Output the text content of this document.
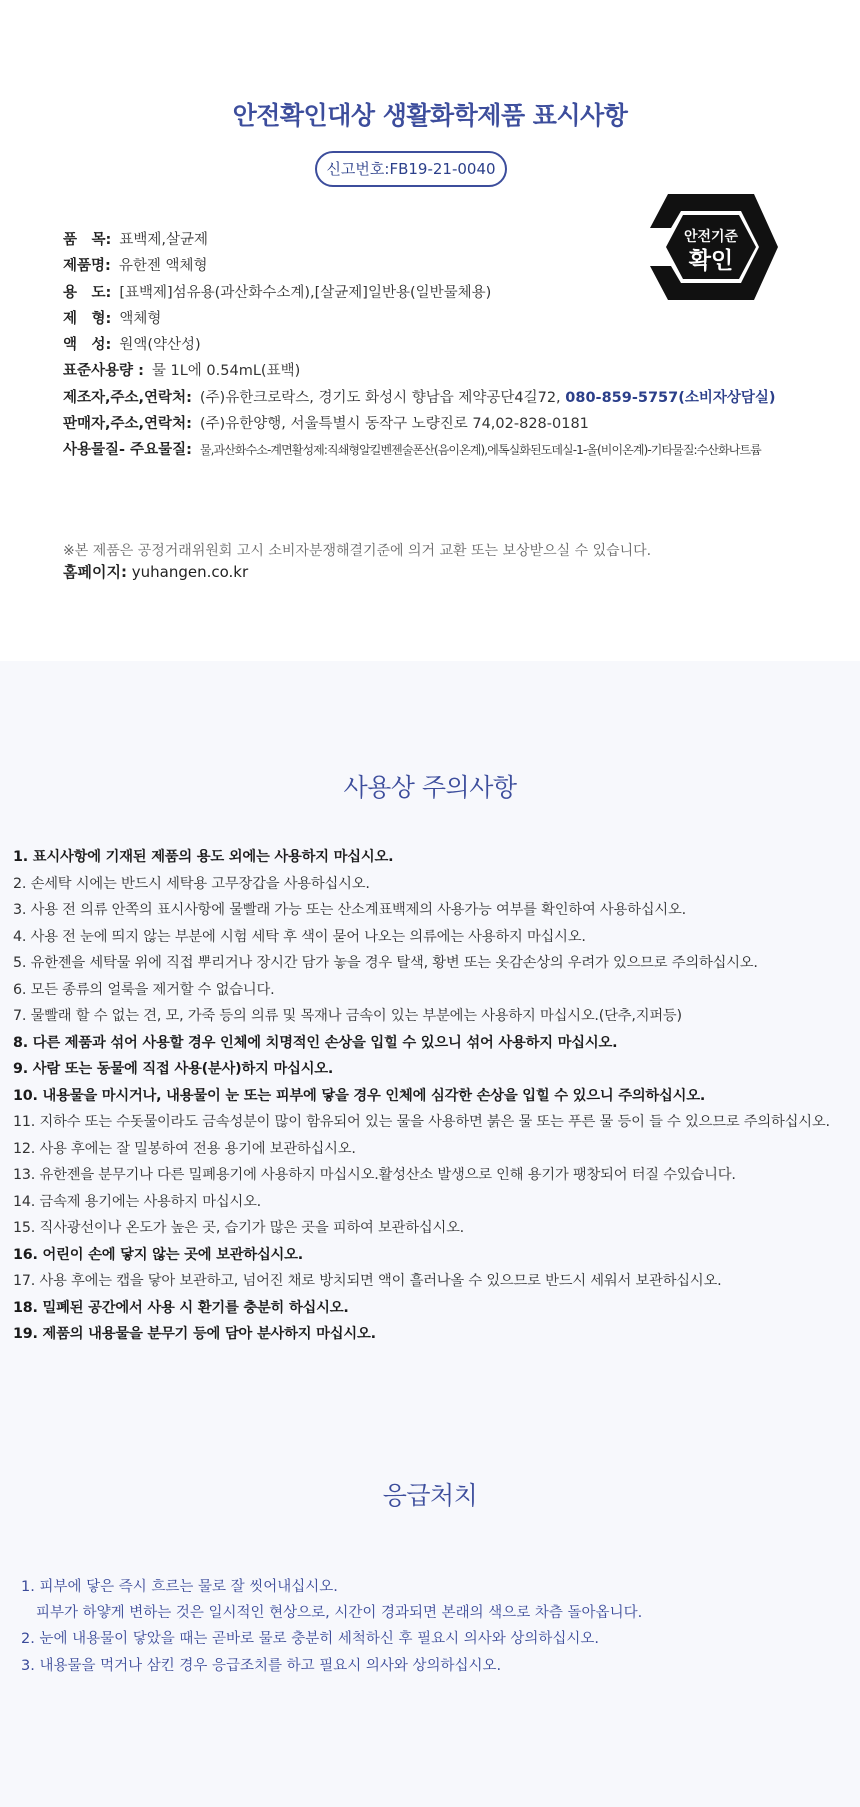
안전확인대상 생활화학제품 표시사항
신고번호:FB19-21-0040
안전기준
확인
품　목: 표백제,살균제
제품명: 유한젠 액체형
용　도: [표백제]섬유용(과산화수소계),[살균제]일반용(일반물체용)
제　형: 액체형
액　성: 원액(약산성)
표준사용량 : 물 1L에 0.54mL(표백)
제조자,주소,연락처: (주)유한크로락스, 경기도 화성시 향남읍 제약공단4길72, 080-859-5757(소비자상담실)
판매자,주소,연락처: (주)유한양행, 서울특별시 동작구 노량진로 74,02-828-0181
사용물질- 주요물질: 물,과산화수소-계면활성제:직쇄형알킬벤젠술폰산(음이온계),에톡실화된도데실-1-올(비이온계)-기타물질:수산화나트륨
※본 제품은 공정거래위원회 고시 소비자분쟁해결기준에 의거 교환 또는 보상받으실 수 있습니다.
홈페이지: yuhangen.co.kr
사용상 주의사항
1. 표시사항에 기재된 제품의 용도 외에는 사용하지 마십시오.
2. 손세탁 시에는 반드시 세탁용 고무장갑을 사용하십시오.
3. 사용 전 의류 안쪽의 표시사항에 물빨래 가능 또는 산소계표백제의 사용가능 여부를 확인하여 사용하십시오.
4. 사용 전 눈에 띄지 않는 부분에 시험 세탁 후 색이 묻어 나오는 의류에는 사용하지 마십시오.
5. 유한젠을 세탁물 위에 직접 뿌리거나 장시간 담가 놓을 경우 탈색, 황변 또는 옷감손상의 우려가 있으므로 주의하십시오.
6. 모든 종류의 얼룩을 제거할 수 없습니다.
7. 물빨래 할 수 없는 견, 모, 가죽 등의 의류 및 목재나 금속이 있는 부분에는 사용하지 마십시오.(단추,지퍼등)
8. 다른 제품과 섞어 사용할 경우 인체에 치명적인 손상을 입힐 수 있으니 섞어 사용하지 마십시오.
9. 사람 또는 동물에 직접 사용(분사)하지 마십시오.
10. 내용물을 마시거나, 내용물이 눈 또는 피부에 닿을 경우 인체에 심각한 손상을 입힐 수 있으니 주의하십시오.
11. 지하수 또는 수돗물이라도 금속성분이 많이 함유되어 있는 물을 사용하면 붉은 물 또는 푸른 물 등이 들 수 있으므로 주의하십시오.
12. 사용 후에는 잘 밀봉하여 전용 용기에 보관하십시오.
13. 유한젠을 분무기나 다른 밀폐용기에 사용하지 마십시오.활성산소 발생으로 인해 용기가 팽창되어 터질 수있습니다.
14. 금속제 용기에는 사용하지 마십시오.
15. 직사광선이나 온도가 높은 곳, 습기가 많은 곳을 피하여 보관하십시오.
16. 어린이 손에 닿지 않는 곳에 보관하십시오.
17. 사용 후에는 캡을 닿아 보관하고, 넘어진 채로 방치되면 액이 흘러나올 수 있으므로 반드시 세워서 보관하십시오.
18. 밀폐된 공간에서 사용 시 환기를 충분히 하십시오.
19. 제품의 내용물을 분무기 등에 담아 분사하지 마십시오.
응급처치
1. 피부에 닿은 즉시 흐르는 물로 잘 씻어내십시오.
피부가 하얗게 변하는 것은 일시적인 현상으로, 시간이 경과되면 본래의 색으로 차츰 돌아옵니다.
2. 눈에 내용물이 닿았을 때는 곧바로 물로 충분히 세척하신 후 필요시 의사와 상의하십시오.
3. 내용물을 먹거나 삼킨 경우 응급조치를 하고 필요시 의사와 상의하십시오.
